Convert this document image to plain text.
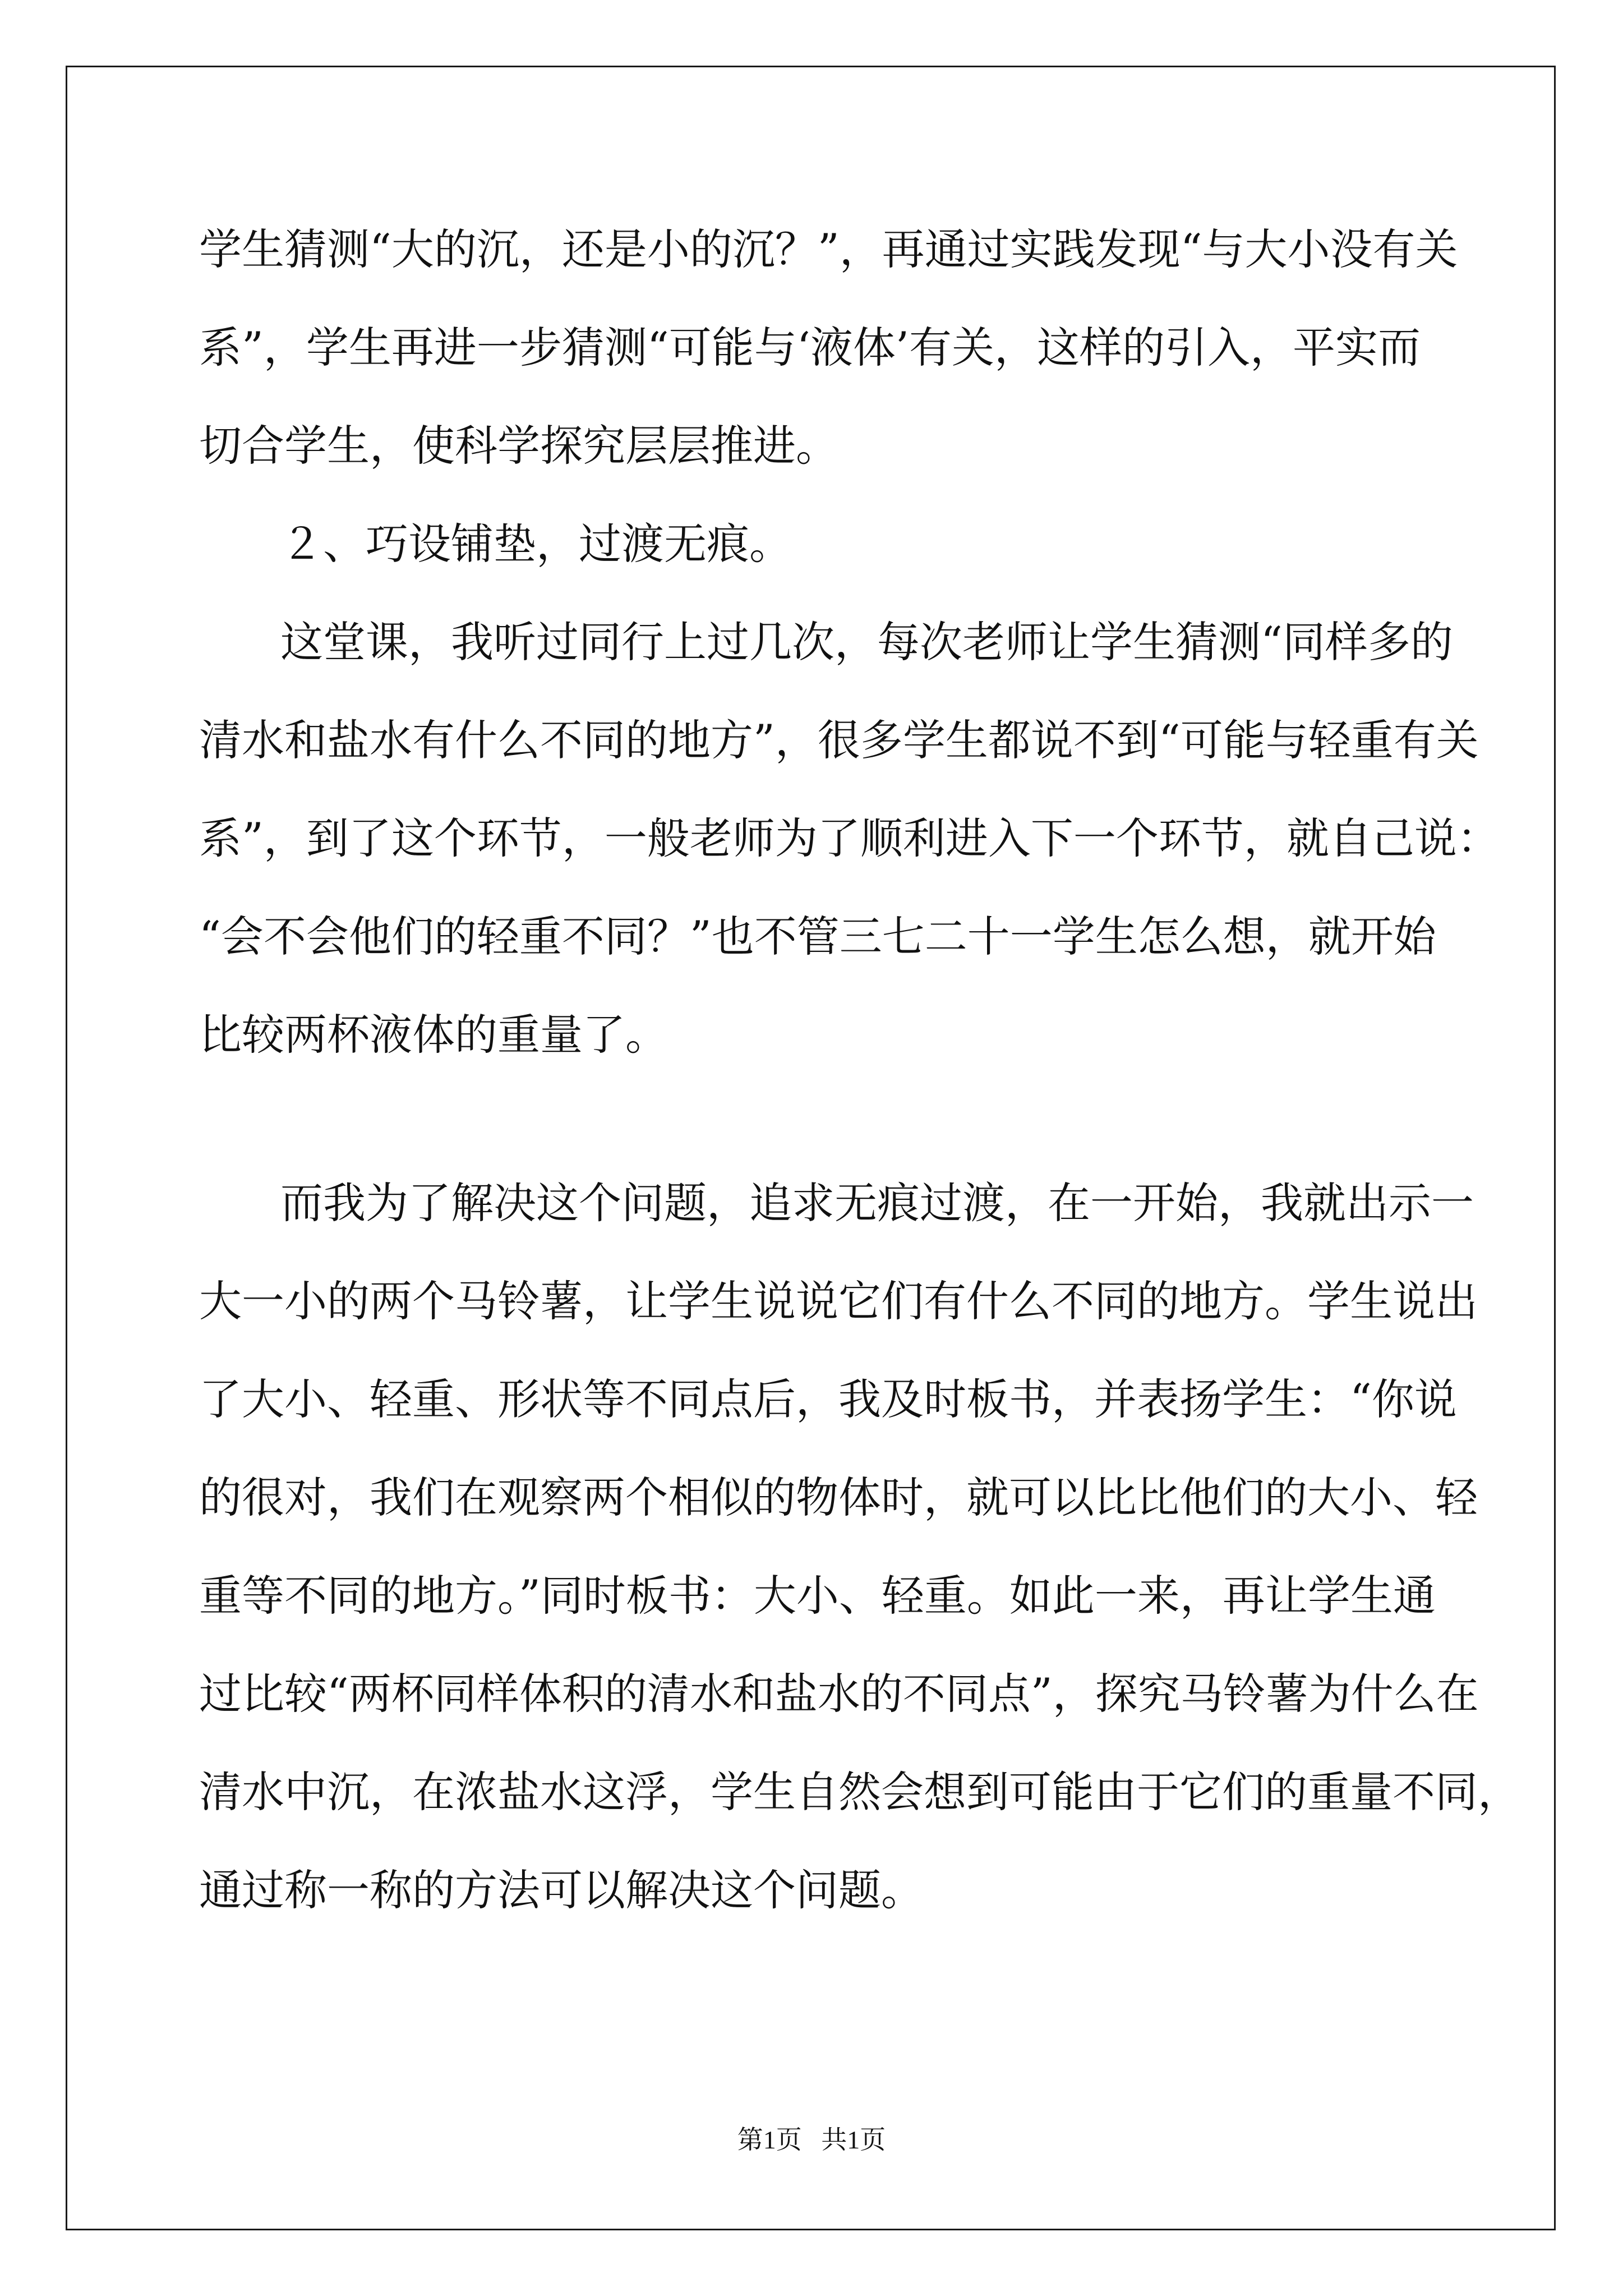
学生猜测“大的沉，还是小的沉？”，再通过实践发现“与大小没有关

系”，学生再进一步猜测“可能与‘液体’有关，这样的引入，平实而

切合学生，使科学探究层层推进。

２、巧设铺垫，过渡无痕。

这堂课，我听过同行上过几次，每次老师让学生猜测“同样多的

清水和盐水有什么不同的地方”，很多学生都说不到“可能与轻重有关

系”，到了这个环节，一般老师为了顺利进入下一个环节，就自己说：

“会不会他们的轻重不同？”也不管三七二十一学生怎么想，就开始

比较两杯液体的重量了。

而我为了解决这个问题，追求无痕过渡，在一开始，我就出示一

大一小的两个马铃薯，让学生说说它们有什么不同的地方。学生说出

了大小、轻重、形状等不同点后，我及时板书，并表扬学生：“你说

的很对，我们在观察两个相似的物体时，就可以比比他们的大小、轻

重等不同的地方。”同时板书：大小、轻重。如此一来，再让学生通

过比较“两杯同样体积的清水和盐水的不同点”，探究马铃薯为什么在

清水中沉，在浓盐水这浮，学生自然会想到可能由于它们的重量不同，

通过称一称的方法可以解决这个问题。

第1页   共1页
